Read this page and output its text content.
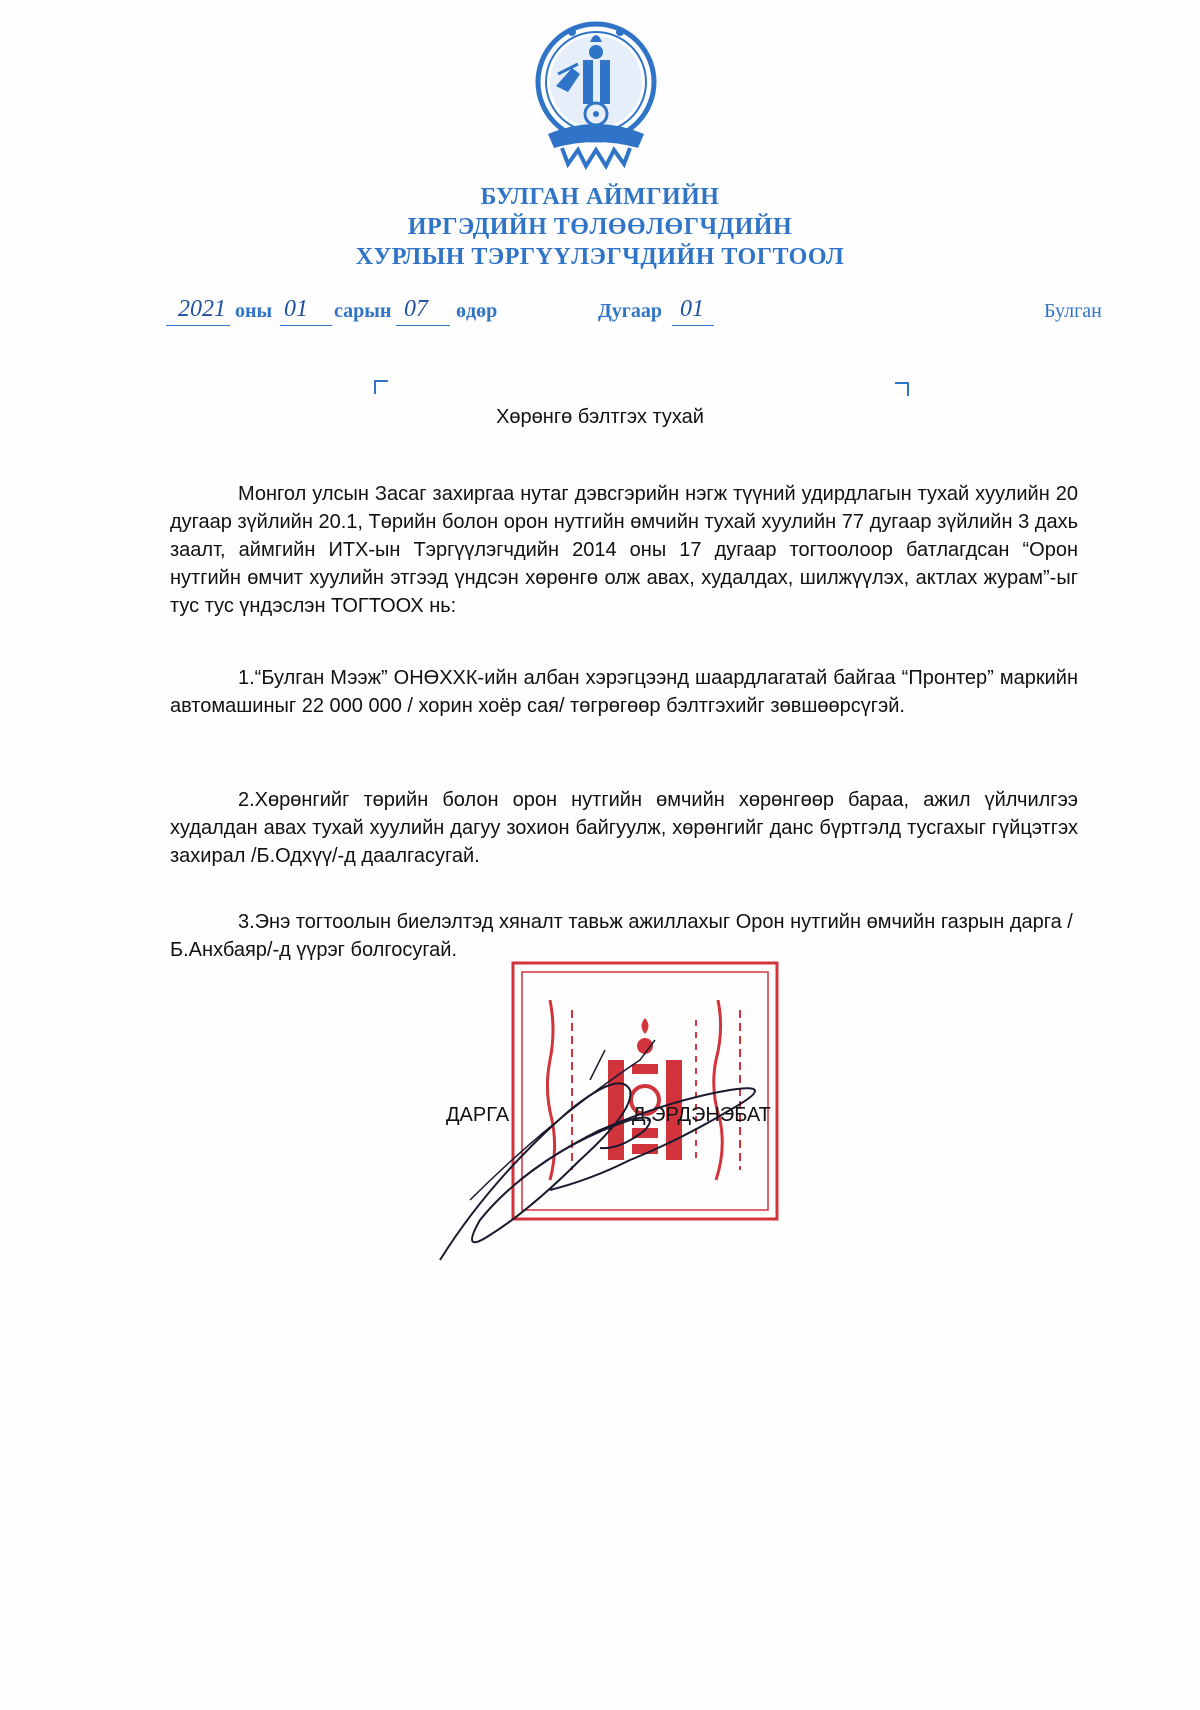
БУЛГАН АЙМГИЙН
ИРГЭДИЙН ТӨЛӨӨЛӨГЧДИЙН
ХУРЛЫН ТЭРГҮҮЛЭГЧДИЙН ТОГТООЛ
2021 оны 01 сарын 07 өдөр	Дугаар 01	Булган
Хөрөнгө бэлтгэх тухай
Монгол улсын Засаг захиргаа нутаг дэвсгэрийн нэгж түүний удирдлагын тухай хуулийн 20 дугаар зүйлийн 20.1, Төрийн болон орон нутгийн өмчийн тухай хуулийн 77 дугаар зүйлийн 3 дахь заалт, аймгийн ИТХ-ын Тэргүүлэгчдийн 2014 оны 17 дугаар тогтоолоор батлагдсан “Орон нутгийн өмчит хуулийн этгээд үндсэн хөрөнгө олж авах, худалдах, шилжүүлэх, актлах журам”-ыг тус тус үндэслэн ТОГТООХ нь:
1.“Булган Мээж” ОНӨХХК-ийн албан хэрэгцээнд шаардлагатай байгаа “Пронтер” маркийн автомашиныг 22 000 000 / хорин хоёр сая/ төгрөгөөр бэлтгэхийг зөвшөөрсүгэй.
2.Хөрөнгийг төрийн болон орон нутгийн өмчийн хөрөнгөөр бараа, ажил үйлчилгээ худалдан авах тухай хуулийн дагуу зохион байгуулж, хөрөнгийг данс бүртгэлд тусгахыг гүйцэтгэх захирал /Б.Одхүү/-д даалгасугай.
3.Энэ тогтоолын биелэлтэд хяналт тавьж ажиллахыг Орон нутгийн өмчийн газрын дарга /Б.Анхбаяр/-д үүрэг болгосугай.
ДАРГА	Д.ЭРДЭНЭБАТ
